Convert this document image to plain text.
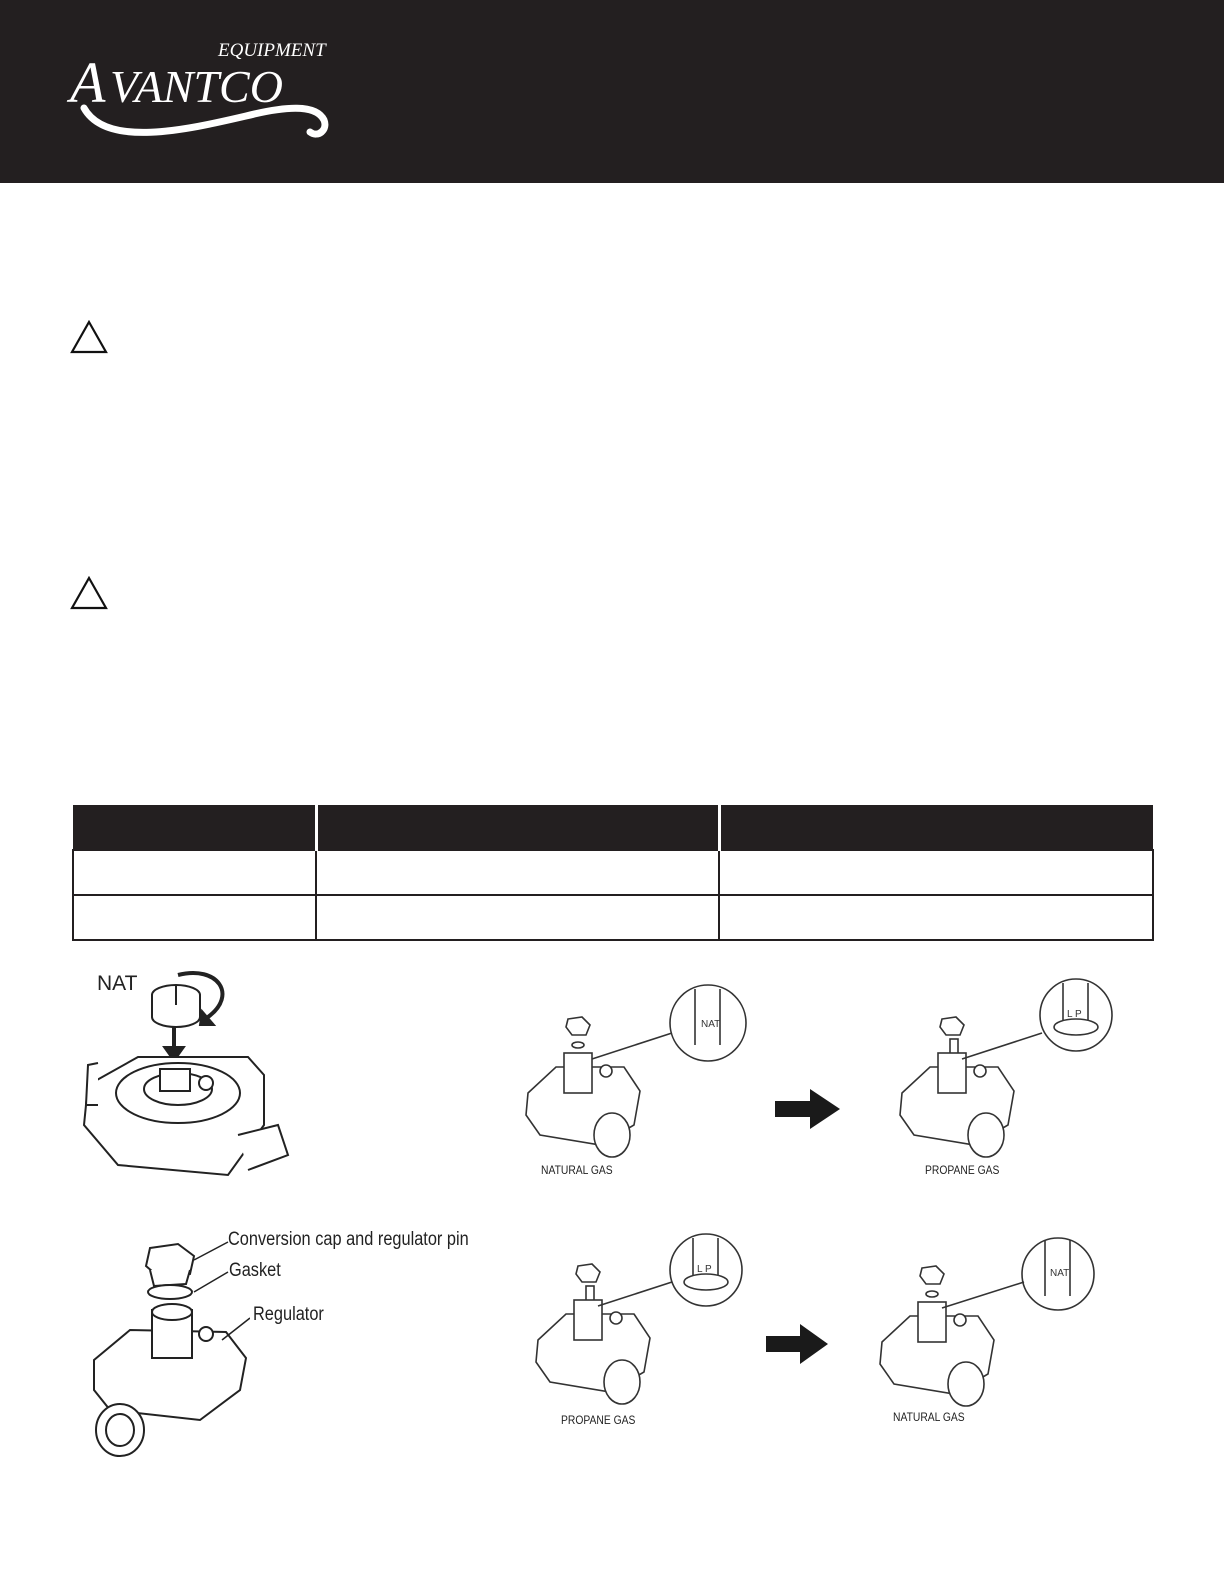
EQUIPMENT
A VANTCO

NAT
Conversion cap and regulator pin
Gasket
Regulator
NAT
L P
NATURAL GAS	PROPANE GAS
L P	NAT
PROPANE GAS	NATURAL GAS
